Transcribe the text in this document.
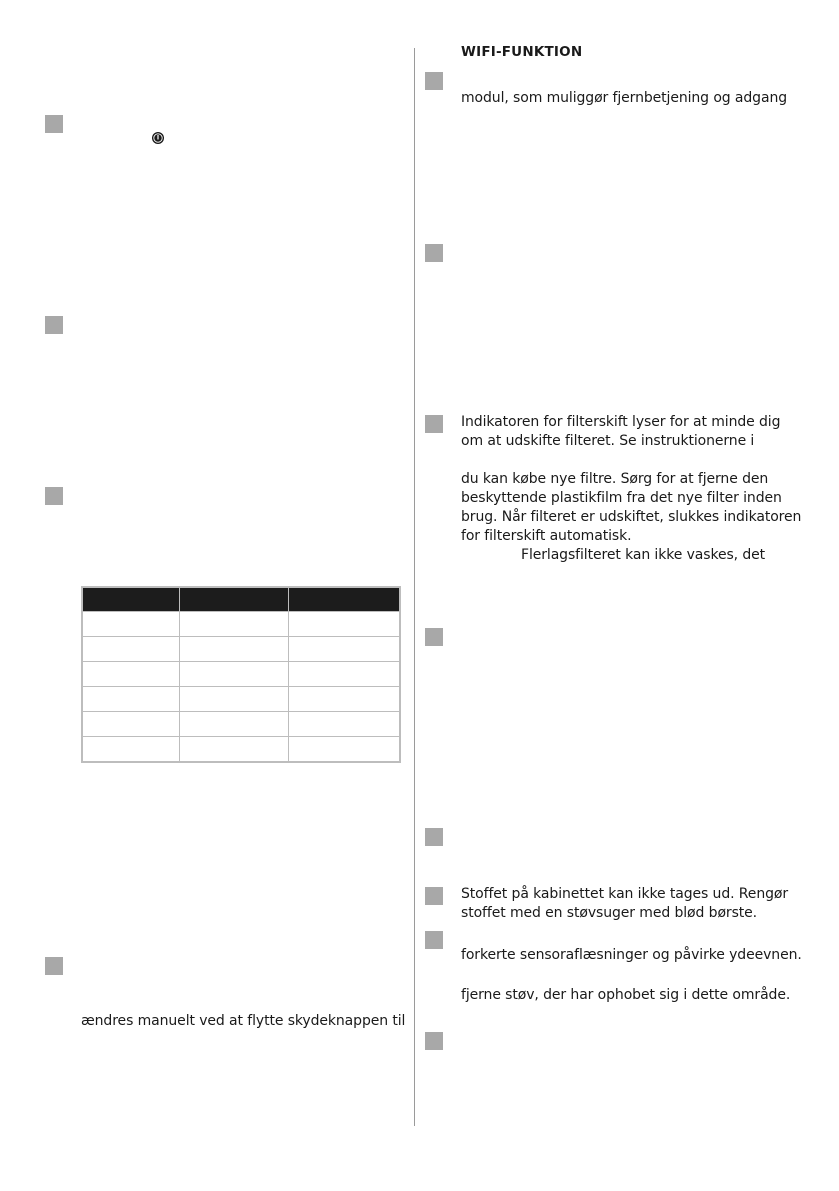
ændres manuelt ved at flytte skydeknappen til
WIFI-FUNKTION
modul, som muliggør fjernbetjening og adgang
Indikatoren for filterskift lyser for at minde dig
om at udskifte filteret. Se instruktionerne i
du kan købe nye filtre. Sørg for at fjerne den
beskyttende plastikfilm fra det nye filter inden
brug. Når filteret er udskiftet, slukkes indikatoren
for filterskift automatisk.
Flerlagsfilteret kan ikke vaskes, det
Stoffet på kabinettet kan ikke tages ud. Rengør
stoffet med en støvsuger med blød børste.
forkerte sensoraflæsninger og påvirke ydeevnen.
fjerne støv, der har ophobet sig i dette område.
